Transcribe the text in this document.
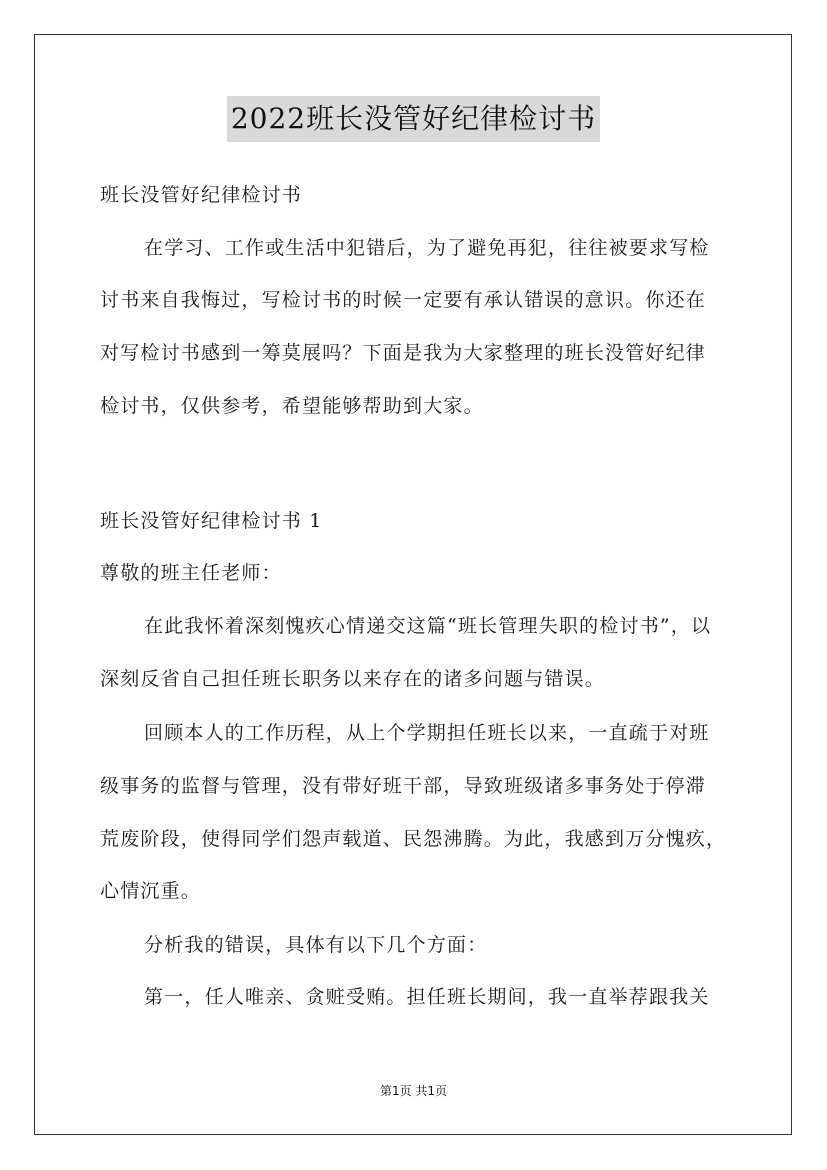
2022班长没管好纪律检讨书
班长没管好纪律检讨书
在学习、工作或生活中犯错后，为了避免再犯，往往被要求写检
讨书来自我悔过，写检讨书的时候一定要有承认错误的意识。你还在
对写检讨书感到一筹莫展吗？下面是我为大家整理的班长没管好纪律
检讨书，仅供参考，希望能够帮助到大家。
班长没管好纪律检讨书 1
尊敬的班主任老师：
在此我怀着深刻愧疚心情递交这篇“班长管理失职的检讨书”，以
深刻反省自己担任班长职务以来存在的诸多问题与错误。
回顾本人的工作历程，从上个学期担任班长以来，一直疏于对班
级事务的监督与管理，没有带好班干部，导致班级诸多事务处于停滞
荒废阶段，使得同学们怨声载道、民怨沸腾。为此，我感到万分愧疚，
心情沉重。
分析我的错误，具体有以下几个方面：
第一，任人唯亲、贪赃受贿。担任班长期间，我一直举荐跟我关
第1页 共1页
